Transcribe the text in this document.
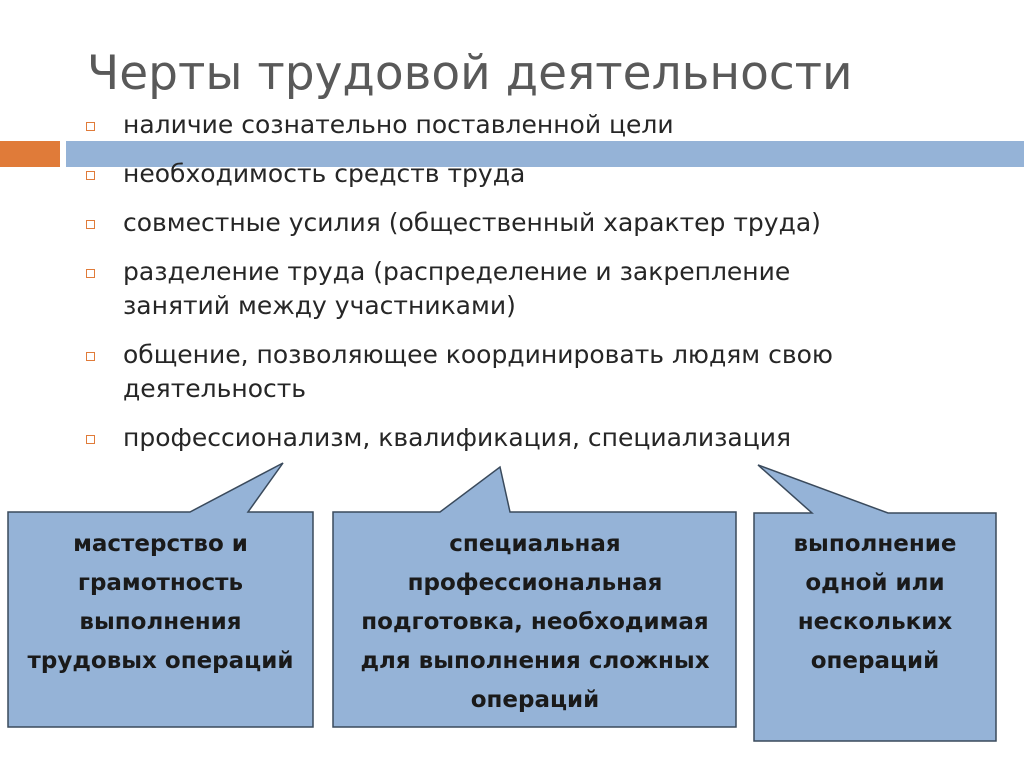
Черты трудовой деятельности
наличие сознательно поставленной цели
необходимость средств труда
совместные усилия (общественный характер труда)
разделение труда (распределение и закрепление занятий между участниками)
общение, позволяющее координировать людям свою деятельность
профессионализм, квалификация, специализация
мастерство и грамотность выполнения трудовых операций
специальная профессиональная подготовка, необходимая для выполнения сложных операций
выполнение одной или нескольких операций
